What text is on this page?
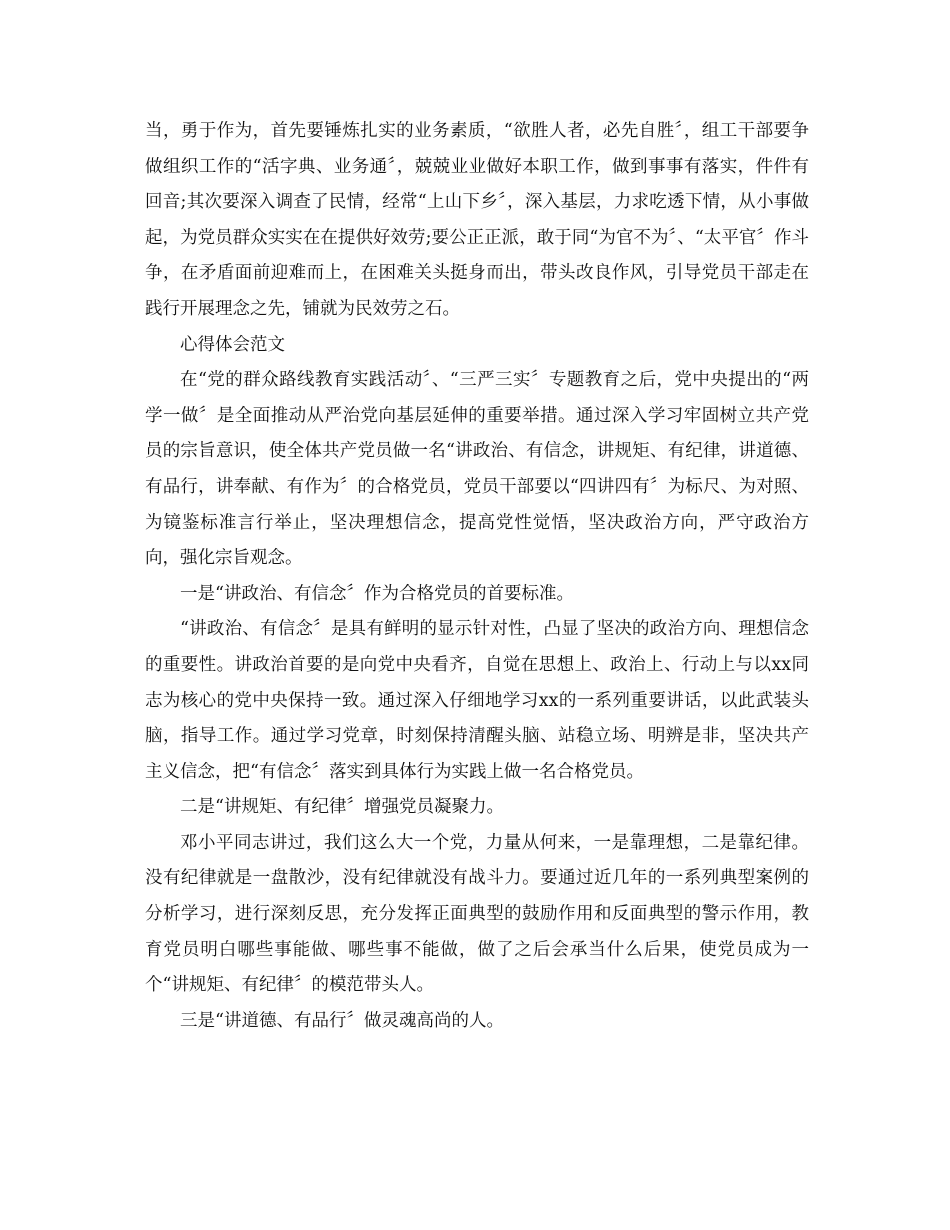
当，勇于作为，首先要锤炼扎实的业务素质，“欲胜人者，必先自胜〞，组工干部要争做组织工作的“活字典、业务通〞，兢兢业业做好本职工作，做到事事有落实，件件有回音;其次要深入调查了民情，经常“上山下乡〞，深入基层，力求吃透下情，从小事做起，为党员群众实实在在提供好效劳;要公正正派，敢于同“为官不为〞、“太平官〞作斗争，在矛盾面前迎难而上，在困难关头挺身而出，带头改良作风，引导党员干部走在践行开展理念之先，铺就为民效劳之石。

心得体会范文

在“党的群众路线教育实践活动〞、“三严三实〞专题教育之后，党中央提出的“两学一做〞是全面推动从严治党向基层延伸的重要举措。通过深入学习牢固树立共产党员的宗旨意识，使全体共产党员做一名“讲政治、有信念，讲规矩、有纪律，讲道德、有品行，讲奉献、有作为〞的合格党员，党员干部要以“四讲四有〞为标尺、为对照、为镜鉴标准言行举止，坚决理想信念，提高党性觉悟，坚决政治方向，严守政治方向，强化宗旨观念。

一是“讲政治、有信念〞作为合格党员的首要标准。

“讲政治、有信念〞是具有鲜明的显示针对性，凸显了坚决的政治方向、理想信念的重要性。讲政治首要的是向党中央看齐，自觉在思想上、政治上、行动上与以xx同志为核心的党中央保持一致。通过深入仔细地学习xx的一系列重要讲话，以此武装头脑，指导工作。通过学习党章，时刻保持清醒头脑、站稳立场、明辨是非，坚决共产主义信念，把“有信念〞落实到具体行为实践上做一名合格党员。

二是“讲规矩、有纪律〞增强党员凝聚力。

邓小平同志讲过，我们这么大一个党，力量从何来，一是靠理想，二是靠纪律。没有纪律就是一盘散沙，没有纪律就没有战斗力。要通过近几年的一系列典型案例的分析学习，进行深刻反思，充分发挥正面典型的鼓励作用和反面典型的警示作用，教育党员明白哪些事能做、哪些事不能做，做了之后会承当什么后果，使党员成为一个“讲规矩、有纪律〞的模范带头人。

三是“讲道德、有品行〞做灵魂高尚的人。
